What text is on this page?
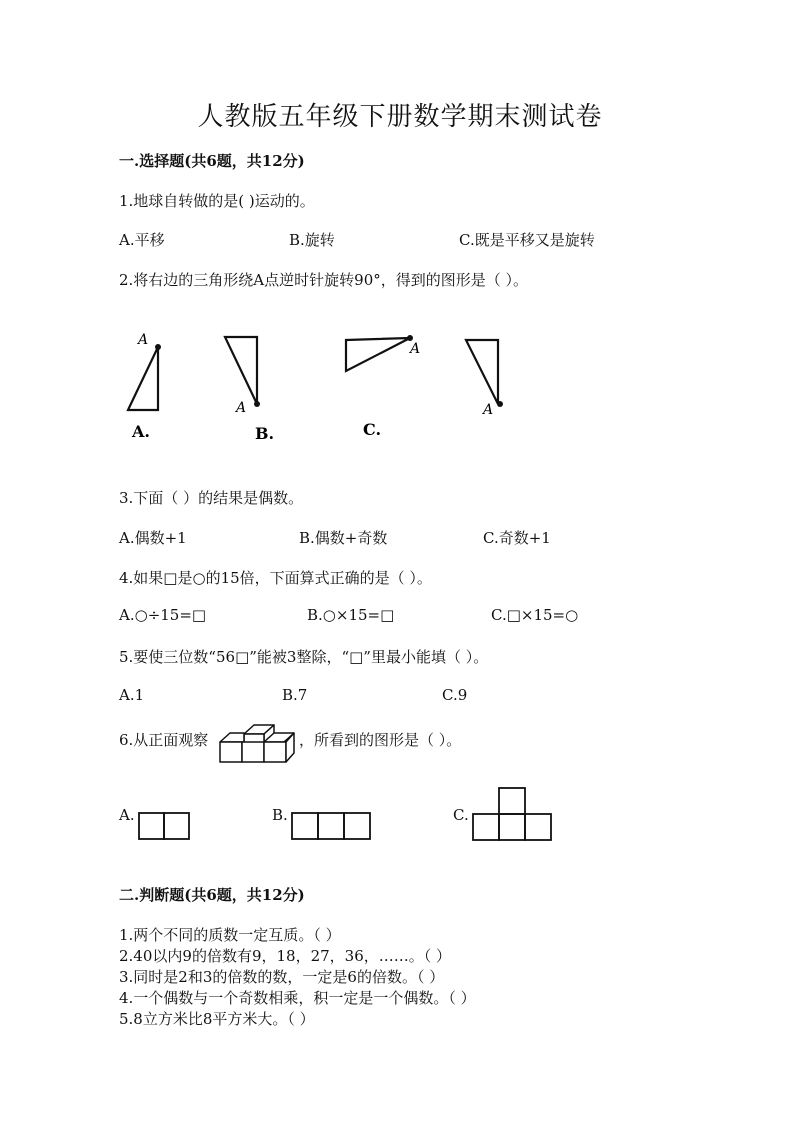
人教版五年级下册数学期末测试卷
一.选择题(共6题，共12分)
1.地球自转做的是( )运动的。
A.平移	B.旋转	C.既是平移又是旋转
2.将右边的三角形绕A点逆时针旋转90°，得到的图形是（ ）。
A
A.
A
B.
A
C.
A
3.下面（ ）的结果是偶数。
A.偶数+1	B.偶数+奇数	C.奇数+1
4.如果□是○的15倍，下面算式正确的是（ ）。
A.○÷15=□	B.○×15=□	C.□×15=○
5.要使三位数“56□”能被3整除，“□”里最小能填（ ）。
A.1	B.7	C.9
6.从正面观察	，所看到的图形是（ ）。
A.	B.	C.
二.判断题(共6题，共12分)
1.两个不同的质数一定互质。（ ）
2.40以内9的倍数有9，18，27，36，……。（ ）
3.同时是2和3的倍数的数，一定是6的倍数。（ ）
4.一个偶数与一个奇数相乘，积一定是一个偶数。（ ）
5.8立方米比8平方米大。（ ）
